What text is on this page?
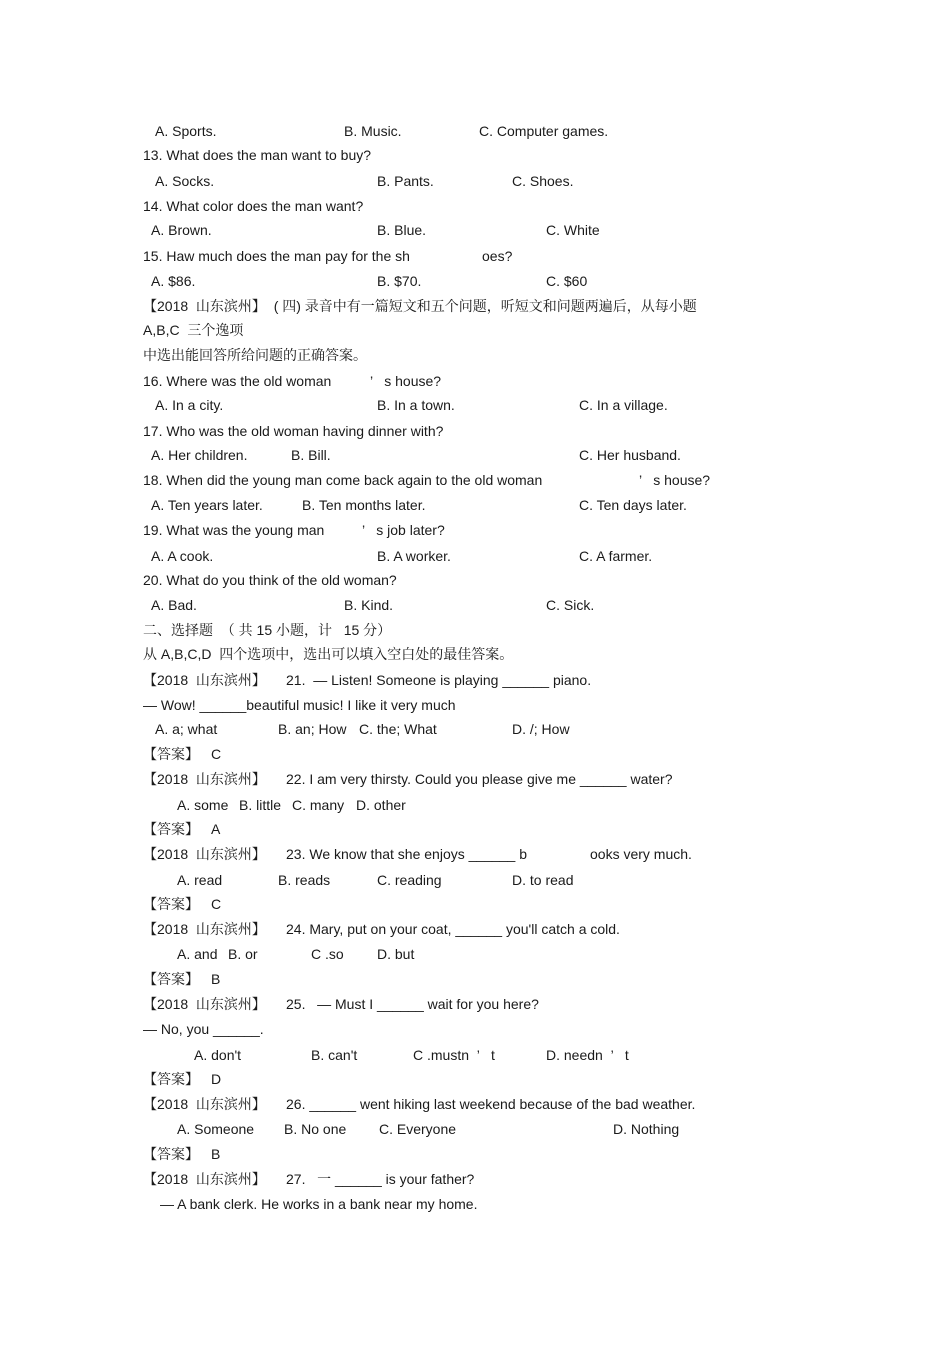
A. Sports.	B. Music.	C. Computer games.
13. What does the man want to buy?
A. Socks.	B. Pants.	C. Shoes.
14. What color does the man want?
A. Brown.	B. Blue.	C. White
15. Haw much does the man pay for the sh	oes?
A. $86.	B. $70.	C. $60
【2018  山东滨州】  ( 四) 录音中有一篇短文和五个问题，听短文和问题两遍后，从每小题
A,B,C  三个逸项
中选出能回答所给问题的正确答案。
16. Where was the old woman	’   s house?
A. In a city.	B. In a town.	C. In a village.
17. Who was the old woman having dinner with?
A. Her children.	B. Bill.	C. Her husband.
18. When did the young man come back again to the old woman	’   s house?
A. Ten years later.	B. Ten months later.	C. Ten days later.
19. What was the young man	’   s job later?
A. A cook.	B. A worker.	C. A farmer.
20. What do you think of the old woman?
A. Bad.	B. Kind.	C. Sick.
二、选择题  （ 共 15 小题，计   15 分）
从 A,B,C,D  四个选项中，选出可以填入空白处的最佳答案。
【2018  山东滨州】 21.  — Listen! Someone is playing ______ piano.
— Wow! ______beautiful music! I like it very much
A. a; what	B. an; How C. the; What	D. /; How
【答案】 C
【2018  山东滨州】 22. I am very thirsty. Could you please give me ______ water?
A. some B. little C. many D. other
【答案】 A
【2018  山东滨州】 23. We know that she enjoys ______ b	ooks very much.
A. read	B. reads	C. reading	D. to read
【答案】 C
【2018  山东滨州】 24. Mary, put on your coat, ______ you'll catch a cold.
A. and B. or	C .so D. but
【答案】 B
【2018  山东滨州】 25.   — Must I ______ wait for you here?
— No, you ______.
A. don't	B. can't	C .mustn  ’   t	D. needn  ’   t
【答案】 D
【2018  山东滨州】 26. ______ went hiking last weekend because of the bad weather.
A. Someone B. No one C. Everyone	D. Nothing
【答案】 B
【2018  山东滨州】 27.   一 ______ is your father?
— A bank clerk. He works in a bank near my home.
